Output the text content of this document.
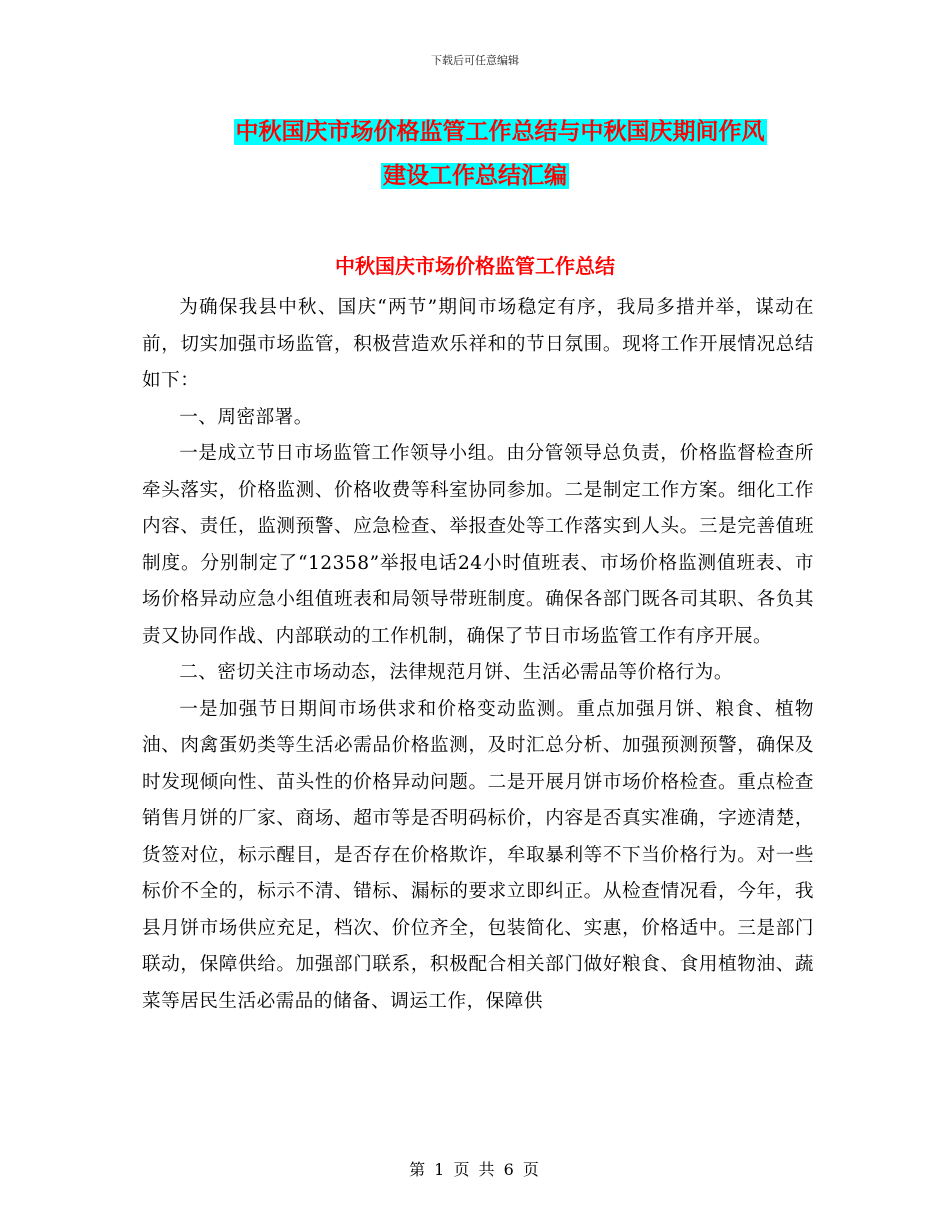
下载后可任意编辑
中秋国庆市场价格监管工作总结与中秋国庆期间作风
建设工作总结汇编
中秋国庆市场价格监管工作总结

为确保我县中秋、国庆“两节”期间市场稳定有序，我局多措并举，谋动在前，切实加强市场监管，积极营造欢乐祥和的节日氛围。现将工作开展情况总结如下：

一、周密部署。

一是成立节日市场监管工作领导小组。由分管领导总负责，价格监督检查所牵头落实，价格监测、价格收费等科室协同参加。二是制定工作方案。细化工作内容、责任，监测预警、应急检查、举报查处等工作落实到人头。三是完善值班制度。分别制定了“12358”举报电话24小时值班表、市场价格监测值班表、市场价格异动应急小组值班表和局领导带班制度。确保各部门既各司其职、各负其责又协同作战、内部联动的工作机制，确保了节日市场监管工作有序开展。

二、密切关注市场动态，法律规范月饼、生活必需品等价格行为。

一是加强节日期间市场供求和价格变动监测。重点加强月饼、粮食、植物油、肉禽蛋奶类等生活必需品价格监测，及时汇总分析、加强预测预警，确保及时发现倾向性、苗头性的价格异动问题。二是开展月饼市场价格检查。重点检查销售月饼的厂家、商场、超市等是否明码标价，内容是否真实准确，字迹清楚，货签对位，标示醒目，是否存在价格欺诈，牟取暴利等不下当价格行为。对一些标价不全的，标示不清、错标、漏标的要求立即纠正。从检查情况看，今年，我县月饼市场供应充足，档次、价位齐全，包装简化、实惠，价格适中。三是部门联动，保障供给。加强部门联系，积极配合相关部门做好粮食、食用植物油、蔬菜等居民生活必需品的储备、调运工作，保障供

第 1 页 共 6 页
